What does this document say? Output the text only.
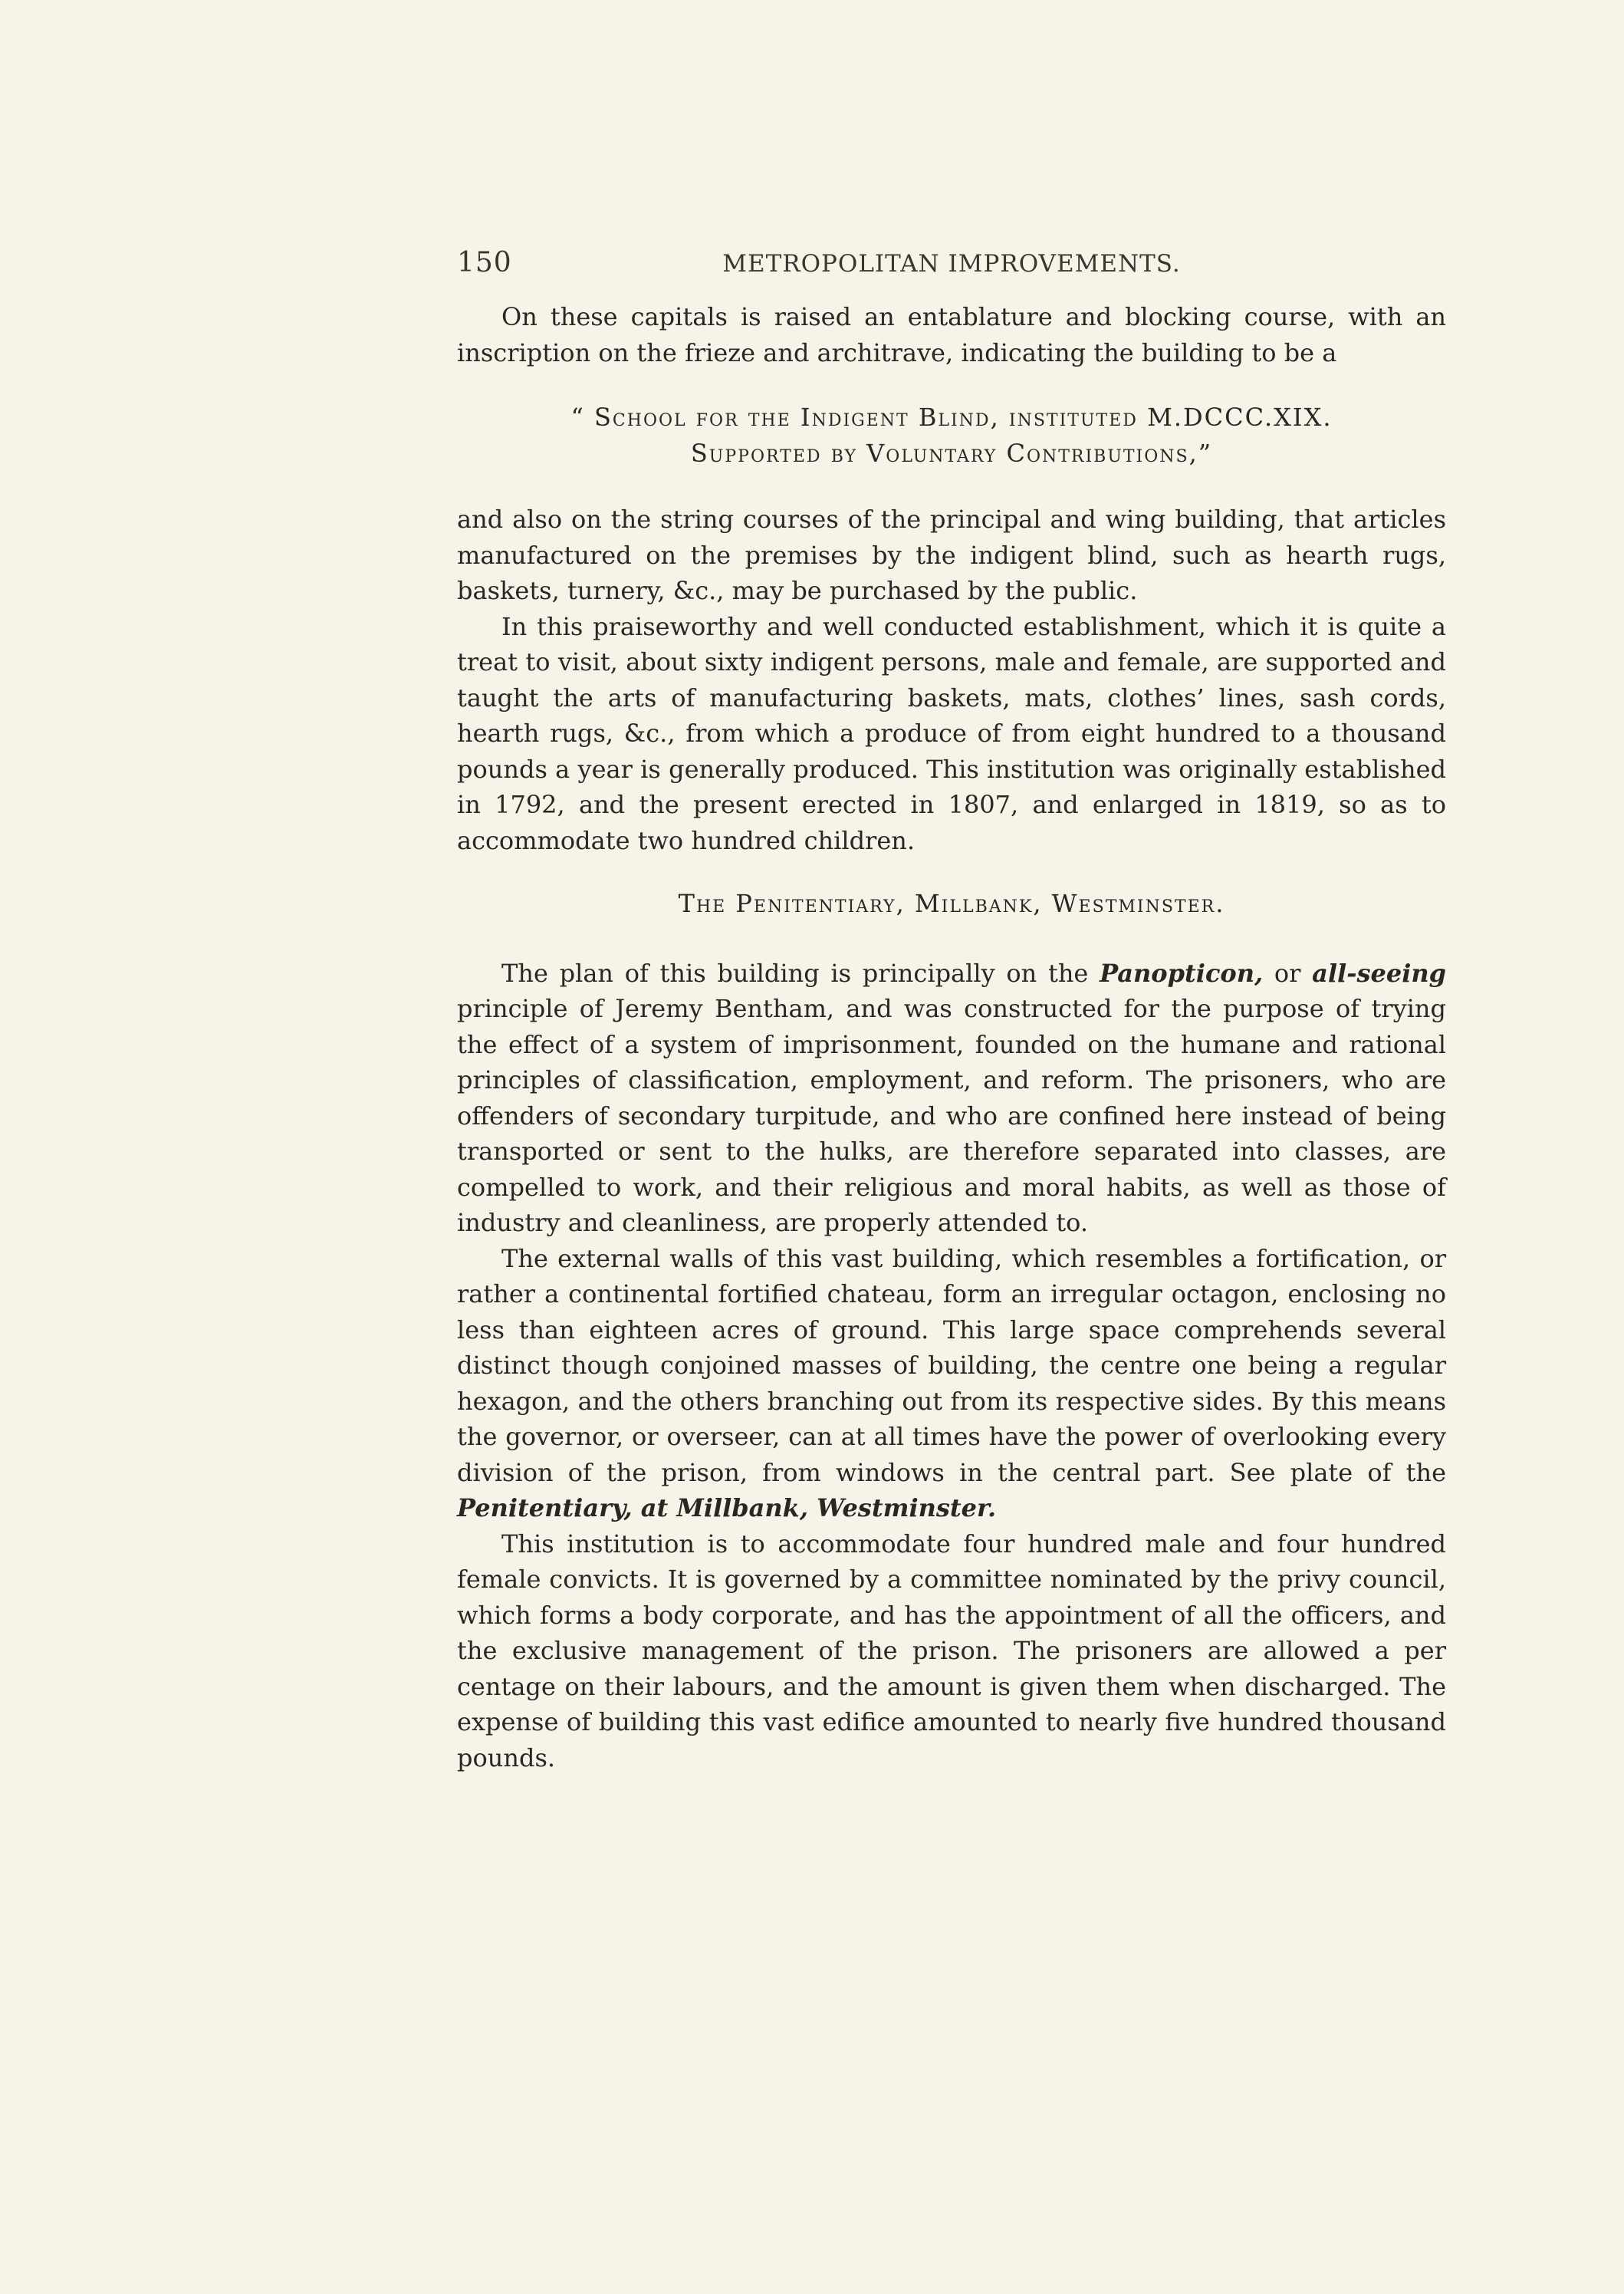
150	METROPOLITAN IMPROVEMENTS.

On these capitals is raised an entablature and blocking course, with an inscription on the frieze and architrave, indicating the building to be a

“ School for the Indigent Blind, instituted M.DCCC.XIX.
Supported by Voluntary Contributions,”

and also on the string courses of the principal and wing building, that articles manufactured on the premises by the indigent blind, such as hearth rugs, baskets, turnery, &c., may be purchased by the public.

In this praiseworthy and well conducted establishment, which it is quite a treat to visit, about sixty indigent persons, male and female, are supported and taught the arts of manufacturing baskets, mats, clothes’ lines, sash cords, hearth rugs, &c., from which a produce of from eight hundred to a thousand pounds a year is generally produced. This institution was originally established in 1792, and the present erected in 1807, and enlarged in 1819, so as to accommodate two hundred children.

The Penitentiary, Millbank, Westminster.

The plan of this building is principally on the Panopticon, or all-seeing principle of Jeremy Bentham, and was constructed for the purpose of trying the effect of a system of imprisonment, founded on the humane and rational principles of classification, employment, and reform. The prisoners, who are offenders of secondary turpitude, and who are confined here instead of being transported or sent to the hulks, are therefore separated into classes, are compelled to work, and their religious and moral habits, as well as those of industry and cleanliness, are properly attended to.

The external walls of this vast building, which resembles a fortification, or rather a continental fortified chateau, form an irregular octagon, enclosing no less than eighteen acres of ground. This large space comprehends several distinct though conjoined masses of building, the centre one being a regular hexagon, and the others branching out from its respective sides. By this means the governor, or overseer, can at all times have the power of overlooking every division of the prison, from windows in the central part. See plate of the Penitentiary, at Millbank, Westminster.

This institution is to accommodate four hundred male and four hundred female convicts. It is governed by a committee nominated by the privy council, which forms a body corporate, and has the appointment of all the officers, and the exclusive management of the prison. The prisoners are allowed a per centage on their labours, and the amount is given them when discharged. The expense of building this vast edifice amounted to nearly five hundred thousand pounds.
